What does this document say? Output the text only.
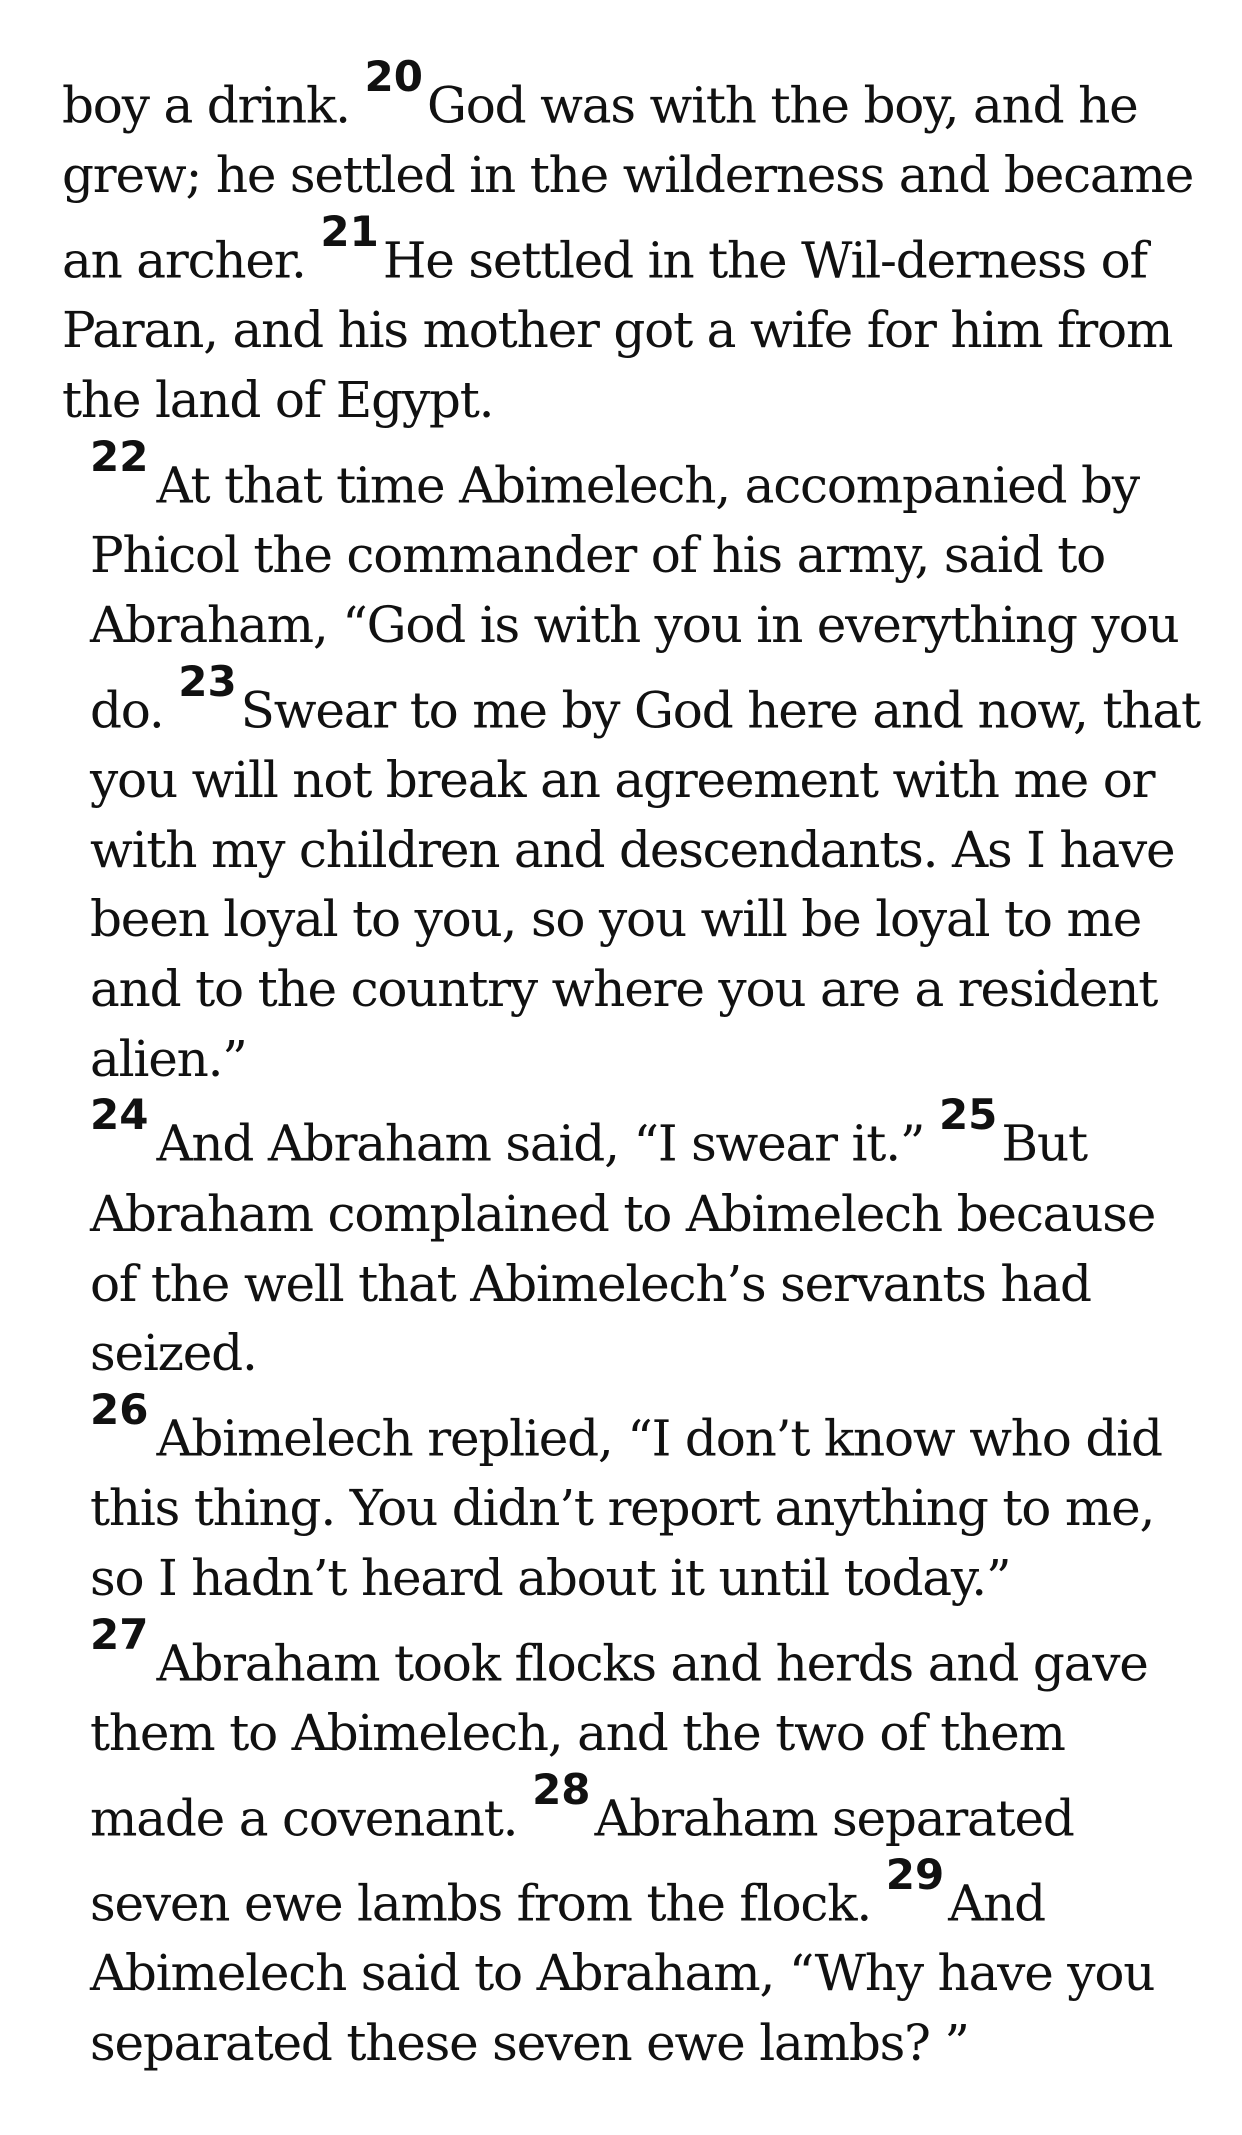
boy a drink. $^{20}$God was with the boy, and he grew; he settled in the wilderness and became an archer. $^{21}$He settled in the Wil-derness of Paran, and his mother got a wife for him from the land of Egypt.

$^{22}$At that time Abimelech, accompanied by Phicol the commander of his army, said to Abraham, “God is with you in everything you do. $^{23}$Swear to me by God here and now, that you will not break an agreement with me or with my children and descendants. As I have been loyal to you, so you will be loyal to me and to the country where you are a resident alien.”

$^{24}$And Abraham said, “I swear it.” $^{25}$But Abraham complained to Abimelech because of the well that Abimelech’s servants had seized.

$^{26}$Abimelech replied, “I don’t know who did this thing. You didn’t report anything to me, so I hadn’t heard about it until today.”

$^{27}$Abraham took flocks and herds and gave them to Abimelech, and the two of them made a covenant. $^{28}$Abraham separated seven ewe lambs from the flock. $^{29}$And Abimelech said to Abraham, “Why have you separated these seven ewe lambs? ”
